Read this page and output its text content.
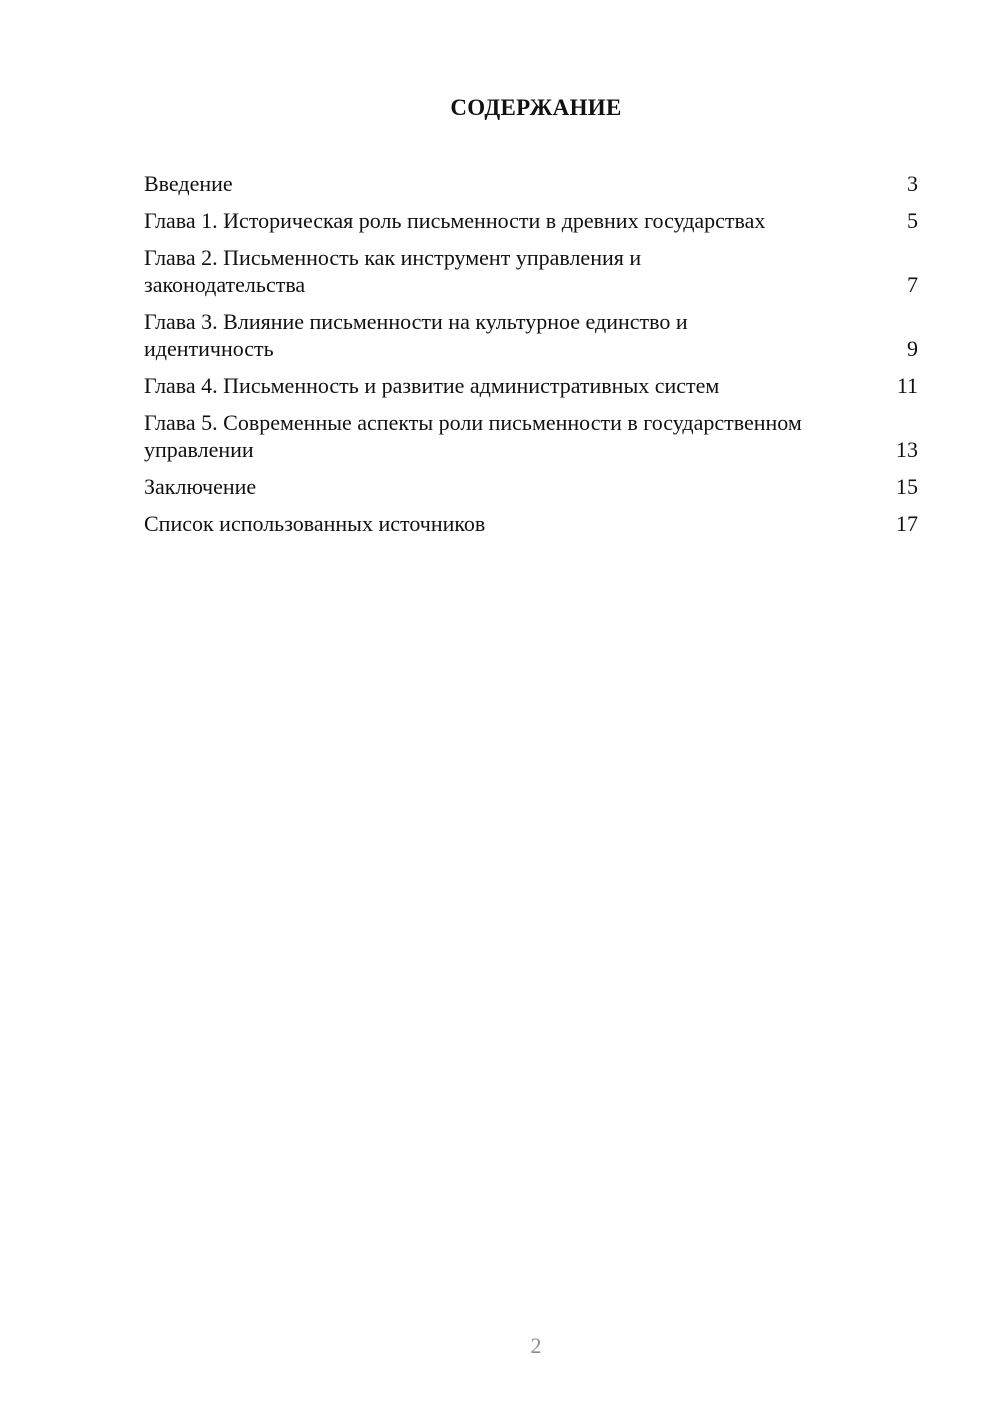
СОДЕРЖАНИЕ
Введение	3
Глава 1. Историческая роль письменности в древних государствах	5
Глава 2. Письменность как инструмент управления и законодательства	7
Глава 3. Влияние письменности на культурное единство и идентичность	9
Глава 4. Письменность и развитие административных систем	11
Глава 5. Современные аспекты роли письменности в государственном управлении	13
Заключение	15
Список использованных источников	17
2
